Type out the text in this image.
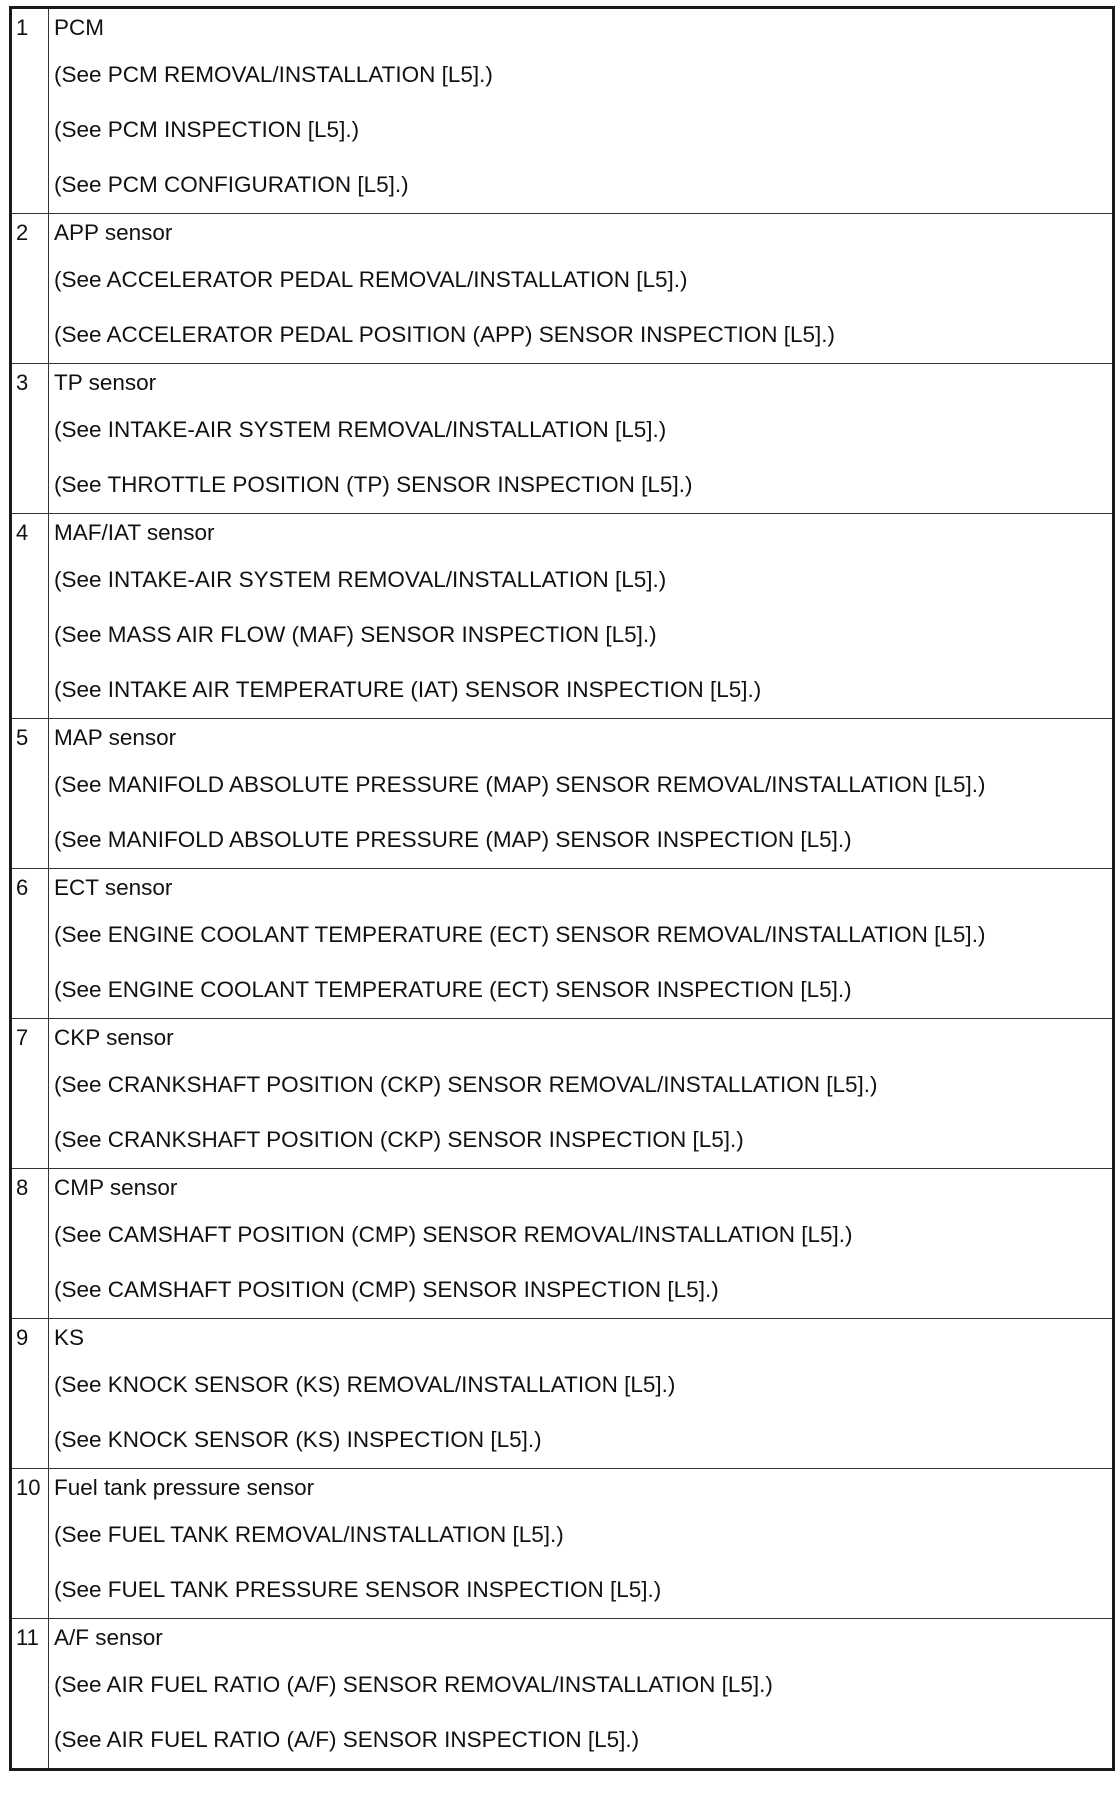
1	PCM
(See PCM REMOVAL/INSTALLATION [L5].)
(See PCM INSPECTION [L5].)
(See PCM CONFIGURATION [L5].)

2	APP sensor
(See ACCELERATOR PEDAL REMOVAL/INSTALLATION [L5].)
(See ACCELERATOR PEDAL POSITION (APP) SENSOR INSPECTION [L5].)

3	TP sensor
(See INTAKE-AIR SYSTEM REMOVAL/INSTALLATION [L5].)
(See THROTTLE POSITION (TP) SENSOR INSPECTION [L5].)

4	MAF/IAT sensor
(See INTAKE-AIR SYSTEM REMOVAL/INSTALLATION [L5].)
(See MASS AIR FLOW (MAF) SENSOR INSPECTION [L5].)
(See INTAKE AIR TEMPERATURE (IAT) SENSOR INSPECTION [L5].)

5	MAP sensor
(See MANIFOLD ABSOLUTE PRESSURE (MAP) SENSOR REMOVAL/INSTALLATION [L5].)
(See MANIFOLD ABSOLUTE PRESSURE (MAP) SENSOR INSPECTION [L5].)

6	ECT sensor
(See ENGINE COOLANT TEMPERATURE (ECT) SENSOR REMOVAL/INSTALLATION [L5].)
(See ENGINE COOLANT TEMPERATURE (ECT) SENSOR INSPECTION [L5].)

7	CKP sensor
(See CRANKSHAFT POSITION (CKP) SENSOR REMOVAL/INSTALLATION [L5].)
(See CRANKSHAFT POSITION (CKP) SENSOR INSPECTION [L5].)

8	CMP sensor
(See CAMSHAFT POSITION (CMP) SENSOR REMOVAL/INSTALLATION [L5].)
(See CAMSHAFT POSITION (CMP) SENSOR INSPECTION [L5].)

9	KS
(See KNOCK SENSOR (KS) REMOVAL/INSTALLATION [L5].)
(See KNOCK SENSOR (KS) INSPECTION [L5].)

10	Fuel tank pressure sensor
(See FUEL TANK REMOVAL/INSTALLATION [L5].)
(See FUEL TANK PRESSURE SENSOR INSPECTION [L5].)

11	A/F sensor
(See AIR FUEL RATIO (A/F) SENSOR REMOVAL/INSTALLATION [L5].)
(See AIR FUEL RATIO (A/F) SENSOR INSPECTION [L5].)
